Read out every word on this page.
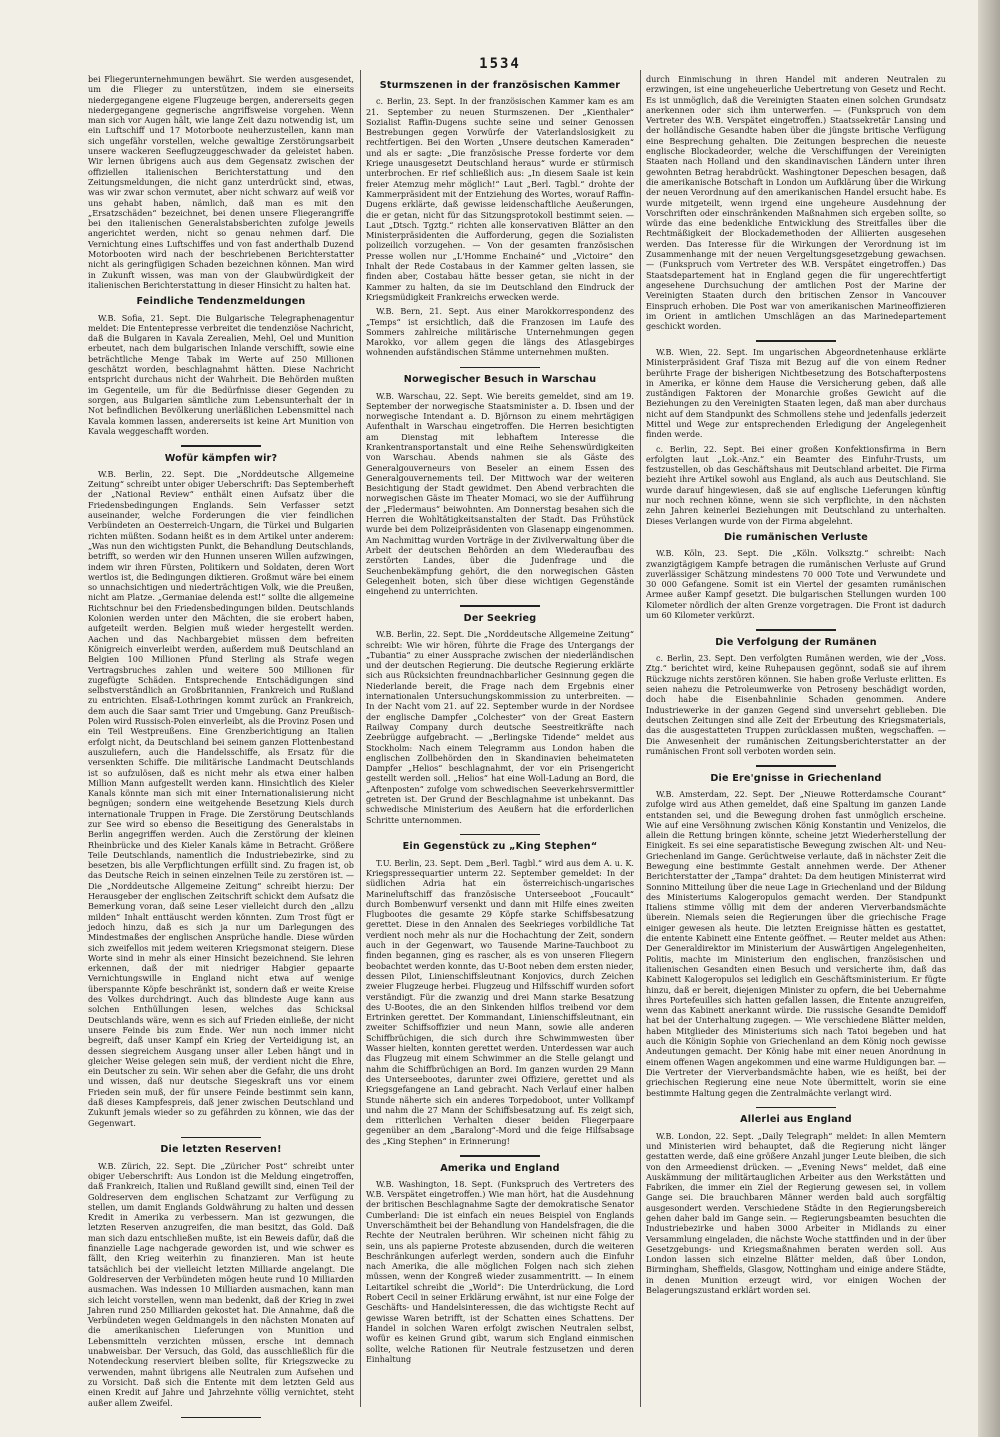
1534

bei Fliegerunternehmungen bewährt. Sie werden ausgesendet, um die Flieger zu unterstützen, indem sie einerseits niedergegangene eigene Flugzeuge bergen, andererseits gegen niedergegangene gegnerische angriffsweise vorgehen. Wenn man sich vor Augen hält, wie lange Zeit dazu notwendig ist, um ein Luftschiff und 17 Motorboote neuherzustellen, kann man sich ungefähr vorstellen, welche gewaltige Zerstörungsarbeit unsere wackeren Seeflugzeuggeschwader da geleistet haben. Wir lernen übrigens auch aus dem Gegensatz zwischen der offiziellen italienischen Berichterstattung und den Zeitungsmeldungen, die nicht ganz unterdrückt sind, etwas, was wir zwar schon vermutet, aber nicht schwarz auf weiß vor uns gehabt haben, nämlich, daß man es mit den „Ersatzschäden“ bezeichnet, bei denen unsere Fliegerangriffe bei den italienischen Generalstabsberichten zufolge jeweils angerichtet werden, nicht so genau nehmen darf. Die Vernichtung eines Luftschiffes und von fast anderthalb Duzend Motorbooten wird nach der beschriebenen Berichterstatter nicht als geringfügigen Schaden bezeichnen können. Man wird in Zukunft wissen, was man von der Glaubwürdigkeit der italienischen Berichterstattung in dieser Hinsicht zu halten hat.

Feindliche Tendenzmeldungen

W.B. Sofia, 21. Sept. Die Bulgarische Telegraphenagentur meldet: Die Ententepresse verbreitet die tendenziöse Nachricht, daß die Bulgaren in Kavala Zerealien, Mehl, Oel und Munition erbeutet, nach dem bulgarischen Inlande verschifft, sowie eine beträchtliche Menge Tabak im Werte auf 250 Millionen geschätzt worden, beschlagnahmt hätten. Diese Nachricht entspricht durchaus nicht der Wahrheit. Die Behörden mußten im Gegenteile, um für die Bedürfnisse dieser Gegenden zu sorgen, aus Bulgarien sämtliche zum Lebensunterhalt der in Not befindlichen Bevölkerung unerläßlichen Lebensmittel nach Kavala kommen lassen, andererseits ist keine Art Munition von Kavala weggeschafft worden.

Wofür kämpfen wir?

W.B. Berlin, 22. Sept. Die „Norddeutsche Allgemeine Zeitung“ schreibt unter obiger Ueberschrift: Das Septemberheft der „National Review“ enthält einen Aufsatz über die Friedensbedingungen Englands. Sein Verfasser setzt auseinander, welche Forderungen die vier feindlichen Verbündeten an Oesterreich-Ungarn, die Türkei und Bulgarien richten müßten. Sodann heißt es in dem Artikel unter anderem: „Was nun den wichtigsten Punkt, die Behandlung Deutschlands, betrifft, so werden wir den Hunnen unseren Willen aufzwingen, indem wir ihren Fürsten, Politikern und Soldaten, deren Wort wertlos ist, die Bedingungen diktieren. Großmut wäre bei einem so unnachsichtigen und niederträchtigen Volk, wie die Preußen, nicht am Platze. „Germaniae delenda est!“ sollte die allgemeine Richtschnur bei den Friedensbedingungen bilden. Deutschlands Kolonien werden unter den Mächten, die sie erobert haben, aufgeteilt werden. Belgien muß wieder hergestellt werden. Aachen und das Nachbargebiet müssen dem befreiten Königreich einverleibt werden, außerdem muß Deutschland an Belgien 100 Millionen Pfund Sterling als Strafe wegen Vertragsbruches zahlen und weitere 500 Millionen für zugefügte Schäden. Entsprechende Entschädigungen sind selbstverständlich an Großbritannien, Frankreich und Rußland zu entrichten. Elsaß-Lothringen kommt zurück an Frankreich, dem auch die Saar samt Trier und Umgebung. Ganz Preußisch-Polen wird Russisch-Polen einverleibt, als die Provinz Posen und ein Teil Westpreußens. Eine Grenzberichtigung an Italien erfolgt nicht, da Deutschland bei seinem ganzen Flottenbestand auszuliefern, auch die Handelsschiffe, als Ersatz für die versenkten Schiffe. Die militärische Landmacht Deutschlands ist so aufzulösen, daß es nicht mehr als etwa einer halben Million Mann aufgestellt werden kann. Hinsichtlich des Kieler Kanals könnte man sich mit einer Internationalisierung nicht begnügen; sondern eine weitgehende Besetzung Kiels durch internationale Truppen in Frage. Die Zerstörung Deutschlands zur See wird so ebenso die Beseitigung des Generalstabs in Berlin angegriffen werden. Auch die Zerstörung der kleinen Rheinbrücke und des Kieler Kanals käme in Betracht. Größere Teile Deutschlands, namentlich die Industriebezirke, sind zu besetzen, bis alle Verpflichtungen erfüllt sind. Zu fragen ist, ob das Deutsche Reich in seinen einzelnen Teile zu zerstören ist. — Die „Norddeutsche Allgemeine Zeitung“ schreibt hierzu: Der Herausgeber der englischen Zeitschrift schickt dem Aufsatz die Bemerkung voran, daß seine Leser vielleicht durch den „allzu milden“ Inhalt enttäuscht werden könnten. Zum Trost fügt er jedoch hinzu, daß es sich ja nur um Darlegungen des Mindestmaßes der englischen Ansprüche handle. Diese würden sich zweifellos mit jedem weiteren Kriegsmonat steigern. Diese Worte sind in mehr als einer Hinsicht bezeichnend. Sie lehren erkennen, daß der mit niedriger Habgier gepaarte Vernichtungswille in England nicht etwa auf wenige überspannte Köpfe beschränkt ist, sondern daß er weite Kreise des Volkes durchdringt. Auch das blindeste Auge kann aus solchen Enthüllungen lesen, welches das Schicksal Deutschlands wäre, wenn es sich auf Frieden einließe, der nicht unsere Feinde bis zum Ende. Wer nun noch immer nicht begreift, daß unser Kampf ein Krieg der Verteidigung ist, an dessen siegreichem Ausgang unser aller Leben hängt und in gleicher Weise gelegen sein muß, der verdient nicht die Ehre, ein Deutscher zu sein. Wir sehen aber die Gefahr, die uns droht und wissen, daß nur deutsche Siegeskraft uns vor einem Frieden sein muß, der für unsere Feinde bestimmt sein kann, daß dieses Kampfespreis, daß jener zwischen Deutschland und Zukunft jemals wieder so zu gefährden zu können, wie das der Gegenwart.

Die letzten Reserven!

W.B. Zürich, 22. Sept. Die „Züricher Post“ schreibt unter obiger Ueberschrift: Aus London ist die Meldung eingetroffen, daß Frankreich, Italien und Rußland gewillt sind, einen Teil der Goldreserven dem englischen Schatzamt zur Verfügung zu stellen, um damit Englands Goldwährung zu halten und dessen Kredit in Amerika zu verbessern. Man ist gezwungen, die letzten Reserven anzugreifen, die man besitzt, das Gold. Daß man sich dazu entschließen mußte, ist ein Beweis dafür, daß die finanzielle Lage nachgerade geworden ist, und wie schwer es fällt, den Krieg weiterhin zu finanzieren. Man ist heute tatsächlich bei der vielleicht letzten Milliarde angelangt. Die Goldreserven der Verbündeten mögen heute rund 10 Milliarden ausmachen. Was indessen 10 Milliarden ausmachen, kann man sich leicht vorstellen, wenn man bedenkt, daß der Krieg in zwei Jahren rund 250 Milliarden gekostet hat. Die Annahme, daß die Verbündeten wegen Geldmangels in den nächsten Monaten auf die amerikanischen Lieferungen von Munition und Lebensmitteln verzichten müssen, ersche int demnach unabweisbar. Der Versuch, das Gold, das ausschließlich für die Notendeckung reserviert bleiben sollte, für Kriegszwecke zu verwenden, mahnt übrigens alle Neutralen zum Aufsehen und zu Vorsicht. Daß sich die Entente mit dem letzten Geld aus einen Kredit auf Jahre und Jahrzehnte völlig vernichtet, steht außer allem Zweifel.

Sturmszenen in der französischen Kammer

c. Berlin, 23. Sept. In der französischen Kammer kam es am 21. September zu neuen Sturmszenen. Der „Kienthaler“ Sozialist Raffin-Dugens suchte seine und seiner Genossen Bestrebungen gegen Vorwürfe der Vaterlandslosigkeit zu rechtfertigen. Bei den Worten „Unsere deutschen Kameraden“ und als er sagte: „Die französische Presse forderte vor dem Kriege unausgesetzt Deutschland heraus“ wurde er stürmisch unterbrochen. Er rief schließlich aus: „In diesem Saale ist kein freier Atemzug mehr möglich!“ Laut „Berl. Tagbl.“ drohte der Kammerpräsident mit der Entziehung des Wortes, worauf Raffin-Dugens erklärte, daß gewisse leidenschaftliche Aeußerungen, die er getan, nicht für das Sitzungsprotokoll bestimmt seien. — Laut „Dtsch. Tgztg.“ richten alle konservativen Blätter an den Ministerpräsidenten die Aufforderung, gegen die Sozialisten polizeilich vorzugehen. — Von der gesamten französischen Presse wollen nur „L'Homme Enchainé“ und „Victoire“ den Inhalt der Rede Costabaus in der Kammer gelten lassen, sie finden aber, Costabau hätte besser getan, sie nicht in der Kammer zu halten, da sie im Deutschland den Eindruck der Kriegsmüdigkeit Frankreichs erwecken werde.

W.B. Bern, 21. Sept. Aus einer Marokkorrespondenz des „Temps“ ist ersichtlich, daß die Franzosen im Laufe des Sommers zahlreiche militärische Unternehmungen gegen Marokko, vor allem gegen die längs des Atlasgebirges wohnenden aufständischen Stämme unternehmen mußten.

Norwegischer Besuch in Warschau

W.B. Warschau, 22. Sept. Wie bereits gemeldet, sind am 19. September der norwegische Staatsminister a. D. Ibsen und der norwegische Intendant a. D. Björnson zu einem mehrtägigen Aufenthalt in Warschau eingetroffen. Die Herren besichtigten am Dienstag mit lebhaftem Interesse die Krankentransportanstalt und eine Reihe Sehenswürdigkeiten von Warschau. Abends nahmen sie als Gäste des Generalgouverneurs von Beseler an einem Essen des Generalgouvernements teil. Der Mittwoch war der weiteren Besichtigung der Stadt gewidmet. Den Abend verbrachten die norwegischen Gäste im Theater Momaci, wo sie der Aufführung der „Fledermaus“ beiwohnten. Am Donnerstag besahen sich die Herren die Wohltätigkeitsanstalten der Stadt. Das Frühstück wurde bei dem Polizeipräsidenten von Glasenapp eingenommen. Am Nachmittag wurden Vorträge in der Zivilverwaltung über die Arbeit der deutschen Behörden an dem Wiederaufbau des zerstörten Landes, über die Judenfrage und die Seuchenbekämpfung gehört, die den norwegischen Gästen Gelegenheit boten, sich über diese wichtigen Gegenstände eingehend zu unterrichten.

Der Seekrieg

W.B. Berlin, 22. Sept. Die „Norddeutsche Allgemeine Zeitung“ schreibt: Wie wir hören, führte die Frage des Untergangs der „Tubantia“ zu einer Aussprache zwischen der niederländischen und der deutschen Regierung. Die deutsche Regierung erklärte sich aus Rücksichten freundnachbarlicher Gesinnung gegen die Niederlande bereit, die Frage nach dem Ergebnis einer internationalen Untersuchungskommission zu unterbreiten. — In der Nacht vom 21. auf 22. September wurde in der Nordsee der englische Dampfer „Colchester“ von der Great Eastern Railway Company durch deutsche Seestreitkräfte nach Zeebrügge aufgebracht. — „Berlingske Tidende“ meldet aus Stockholm: Nach einem Telegramm aus London haben die englischen Zollbehörden den in Skandinavien beheimateten Dampfer „Helios“ beschlagnahmt, der vor ein Prisengericht gestellt werden soll. „Helios“ hat eine Woll-Ladung an Bord, die „Aftenposten“ zufolge vom schwedischen Seeverkehrsvermittler getreten ist. Der Grund der Beschlagnahme ist unbekannt. Das schwedische Ministerium des Aeußern hat die erforderlichen Schritte unternommen.

Ein Gegenstück zu „King Stephen“

T.U. Berlin, 23. Sept. Dem „Berl. Tagbl.“ wird aus dem A. u. K. Kriegspressequartier unterm 22. September gemeldet: In der südlichen Adria hat ein österreichisch-ungarisches Marineluftschiff das französische Unterseeboot „Foucault“ durch Bombenwurf versenkt und dann mit Hilfe eines zweiten Flugbootes die gesamte 29 Köpfe starke Schiffsbesatzung gerettet. Diese in den Annalen des Seekrieges vorbildliche Tat verdient noch mehr als nur die Hochachtung der Zeit, sondern auch in der Gegenwart, wo Tausende Marine-Tauchboot zu finden begannen, ging es rascher, als es von unseren Fliegern beobachtet werden konnte, das U-Boot neben dem ersten nieder, dessen Pilot, Linienschiffsleutnant Konjovics, durch Zeichen zweier Flugzeuge herbei. Flugzeug und Hilfsschiff wurden sofort verständigt. Für die zwanzig und drei Mann starke Besatzung des U-Bootes, die an den Sinkenden hilflos treibend vor dem Ertrinken gerettet. Der Kommandant, Linienschiffsleutnant, ein zweiter Schiffsoffizier und neun Mann, sowie alle anderen Schiffbrüchigen, die sich durch ihre Schwimmwesten über Wasser hielten, konnten gerettet werden. Unterdessen war auch das Flugzeug mit einem Schwimmer an die Stelle gelangt und nahm die Schiffbrüchigen an Bord. Im ganzen wurden 29 Mann des Unterseebootes, darunter zwei Offiziere, gerettet und als Kriegsgefangene an Land gebracht. Nach Verlauf einer halben Stunde näherte sich ein anderes Torpedoboot, unter Vollkampf und nahm die 27 Mann der Schiffsbesatzung auf. Es zeigt sich, dem ritterlichen Verhalten dieser beiden Fliegerpaare gegenüber an dem „Baralong“-Mord und die feige Hilfsabsage des „King Stephen“ in Erinnerung!

Amerika und England

W.B. Washington, 18. Sept. (Funkspruch des Vertreters des W.B. Verspätet eingetroffen.) Wie man hört, hat die Ausdehnung der britischen Beschlagnahme Sagte der demokratische Senator Cumberland: Die ist einfach ein neues Beispiel von Englands Unverschämtheit bei der Behandlung von Handelsfragen, die die Rechte der Neutralen berühren. Wir scheinen nicht fähig zu sein, uns als papierne Proteste abzusenden, durch die weiteren Beschränkungen auferlegt werden, sondern auch die Einfuhr nach Amerika, die alle möglichen Folgen nach sich ziehen müssen, wenn der Kongreß wieder zusammentritt. — In einem Leitartikel schreibt die „World“: Die Unterdrückung, die Lord Robert Cecil in seiner Erklärung erwähnt, ist nur eine Folge der Geschäfts- und Handelsinteressen, die das wichtigste Recht auf gewisse Waren betrifft, ist der Schatten eines Schattens. Der Handel in solchen Waren erfolgt zwischen Neutralen selbst, wofür es keinen Grund gibt, warum sich England einmischen sollte, welche Rationen für Neutrale festzusetzen und deren Einhaltung

durch Einmischung in ihren Handel mit anderen Neutralen zu erzwingen, ist eine ungeheuerliche Uebertretung von Gesetz und Recht. Es ist unmöglich, daß die Vereinigten Staaten einen solchen Grundsatz anerkennen oder sich ihm unterwerfen. — (Funkspruch von dem Vertreter des W.B. Verspätet eingetroffen.) Staatssekretär Lansing und der holländische Gesandte haben über die jüngste britische Verfügung eine Besprechung gehalten. Die Zeitungen besprechen die neueste englische Blockadeorder, welche die Verschiffungen der Vereinigten Staaten nach Holland und den skandinavischen Ländern unter ihren gewohnten Betrag herabdrückt. Washingtoner Depeschen besagen, daß die amerikanische Botschaft in London um Aufklärung über die Wirkung der neuen Verordnung auf den amerikanischen Handel ersucht habe. Es wurde mitgeteilt, wenn irgend eine ungeheure Ausdehnung der Vorschriften oder einschränkenden Maßnahmen sich ergeben sollte, so würde das eine bedenkliche Entwicklung des Streitfalles über die Rechtmäßigkeit der Blockademethoden der Alliierten ausgesehen werden. Das Interesse für die Wirkungen der Verordnung ist im Zusammenhange mit der neuen Vergeltungsgesetzgebung gewachsen. — (Funkspruch vom Vertreter des W.B. Verspätet eingetroffen.) Das Staatsdepartement hat in England gegen die für ungerechtfertigt angesehene Durchsuchung der amtlichen Post der Marine der Vereinigten Staaten durch den britischen Zensor in Vancouver Einspruch erhoben. Die Post war von amerikanischen Marineoffizieren im Orient in amtlichen Umschlägen an das Marinedepartement geschickt worden.

W.B. Wien, 22. Sept. Im ungarischen Abgeordnetenhause erklärte Ministerpräsident Graf Tisza mit Bezug auf die von einem Redner berührte Frage der bisherigen Nichtbesetzung des Botschafterpostens in Amerika, er könne dem Hause die Versicherung geben, daß alle zuständigen Faktoren der Monarchie großes Gewicht auf die Beziehungen zu den Vereinigten Staaten legen, daß man aber durchaus nicht auf dem Standpunkt des Schmollens stehe und jedenfalls jederzeit Mittel und Wege zur entsprechenden Erledigung der Angelegenheit finden werde.

c. Berlin, 22. Sept. Bei einer großen Konfektionsfirma in Bern erfolgten laut „Lok.-Anz.“ ein Beamter des Einfuhr-Trusts, um festzustellen, ob das Geschäftshaus mit Deutschland arbeitet. Die Firma bezieht ihre Artikel sowohl aus England, als auch aus Deutschland. Sie wurde darauf hingewiesen, daß sie auf englische Lieferungen künftig nur noch rechnen könne, wenn sie sich verpflichte, in den nächsten zehn Jahren keinerlei Beziehungen mit Deutschland zu unterhalten. Dieses Verlangen wurde von der Firma abgelehnt.

Die rumänischen Verluste

W.B. Köln, 23. Sept. Die „Köln. Volksztg.“ schreibt: Nach zwanzigtägigem Kampfe betragen die rumänischen Verluste auf Grund zuverlässiger Schätzung mindestens 70 000 Tote und Verwundete und 30 000 Gefangene. Somit ist ein Viertel der gesamten rumänischen Armee außer Kampf gesetzt. Die bulgarischen Stellungen wurden 100 Kilometer nördlich der alten Grenze vorgetragen. Die Front ist dadurch um 60 Kilometer verkürzt.

Die Verfolgung der Rumänen

c. Berlin, 23. Sept. Den verfolgten Rumänen werden, wie der „Voss. Ztg.“ berichtet wird, keine Ruhepausen gegönnt, sodaß sie auf ihrem Rückzuge nichts zerstören können. Sie haben große Verluste erlitten. Es seien nahezu die Petroleumwerke von Petroseny beschädigt worden, doch habe die Eisenbahnlinie Schaden genommen. Andere Industriewerke in der ganzen Gegend sind unversehrt geblieben. Die deutschen Zeitungen sind alle Zeit der Erbeutung des Kriegsmaterials, das die ausgestatteten Truppen zurücklassen mußten, wegschaffen. — Die Anwesenheit der rumänischen Zeitungsberichterstatter an der rumänischen Front soll verboten worden sein.

Die Ere'gnisse in Griechenland

W.B. Amsterdam, 22. Sept. Der „Nieuwe Rotterdamsche Courant“ zufolge wird aus Athen gemeldet, daß eine Spaltung im ganzen Lande entstanden sei, und die Bewegung drohen fast unmöglich erscheine. Wie auf eine Versöhnung zwischen König Konstantin und Venizelos, die allein die Rettung bringen könnte, scheine jetzt Wiederherstellung der Einigkeit. Es sei eine separatistische Bewegung zwischen Alt- und Neu-Griechenland im Gange. Gerüchtweise verlaute, daß in nächster Zeit die Bewegung eine bestimmte Gestalt annehmen werde. Der Athener Berichterstatter der „Tampa“ drahtet: Da dem heutigen Ministerrat wird Sonnino Mitteilung über die neue Lage in Griechenland und der Bildung des Ministeriums Kalogeropulos gemacht werden. Der Standpunkt Italiens stimme völlig mit dem der anderen Vierverbandsmächte überein. Niemals seien die Regierungen über die griechische Frage einiger gewesen als heute. Die letzten Ereignisse hätten es gestattet, die entente Kabinett eine Entente geöffnet. — Reuter meldet aus Athen: Der Generaldirektor im Ministerium der Auswärtigen Angelegenheiten, Politis, machte im Ministerium den englischen, französischen und italienischen Gesandten einen Besuch und versicherte ihm, daß das Kabinett Kalogeropulos sei lediglich ein Geschäftsministerium. Er fügte hinzu, daß er bereit, diejenigen Minister zu opfern, die bei Uebernahme ihres Portefeuilles sich hatten gefallen lassen, die Entente anzugreifen, wenn das Kabinett anerkannt würde. Die russische Gesandte Demidoff hat bei der Unterhaltung zugegen. — Wie verschiedene Blätter melden, haben Mitglieder des Ministeriums sich nach Tatoi begeben und hat auch die Königin Sophie von Griechenland an dem König noch gewisse Andeutungen gemacht. Der König habe mit einer neuen Anordnung in einem offenen Wagen angekommen und eine warme Huldigungen bar. — Die Vertreter der Vierverbandsmächte haben, wie es heißt, bei der griechischen Regierung eine neue Note übermittelt, worin sie eine bestimmte Haltung gegen die Zentralmächte verlangt wird.

Allerlei aus England

W.B. London, 22. Sept. „Daily Telegraph“ meldet: In allen Memtern und Ministerien wird behauptet, daß die Regierung nicht länger gestatten werde, daß eine größere Anzahl junger Leute bleiben, die sich von den Armeedienst drücken. — „Evening News“ meldet, daß eine Auskämmung der militärtauglichen Arbeiter aus den Werkstätten und Fabriken, die immer ein Ziel der Regierung gewesen sei, in vollem Gange sei. Die brauchbaren Männer werden bald auch sorgfältig ausgesondert werden. Verschiedene Städte in den Regierungsbereich gehen daher bald im Gange sein. — Regierungsbeamten besuchten die Industriebezirke und haben 3000 Arbeiter in Midlands zu einer Versammlung eingeladen, die nächste Woche stattfinden und in der über Gesetzgebungs- und Kriegsmaßnahmen beraten werden soll. Aus London lassen sich einzelne Blätter melden, daß über London, Birmingham, Sheffields, Glasgow, Nottingham und einige andere Städte, in denen Munition erzeugt wird, vor einigen Wochen der Belagerungszustand erklärt worden sei.
